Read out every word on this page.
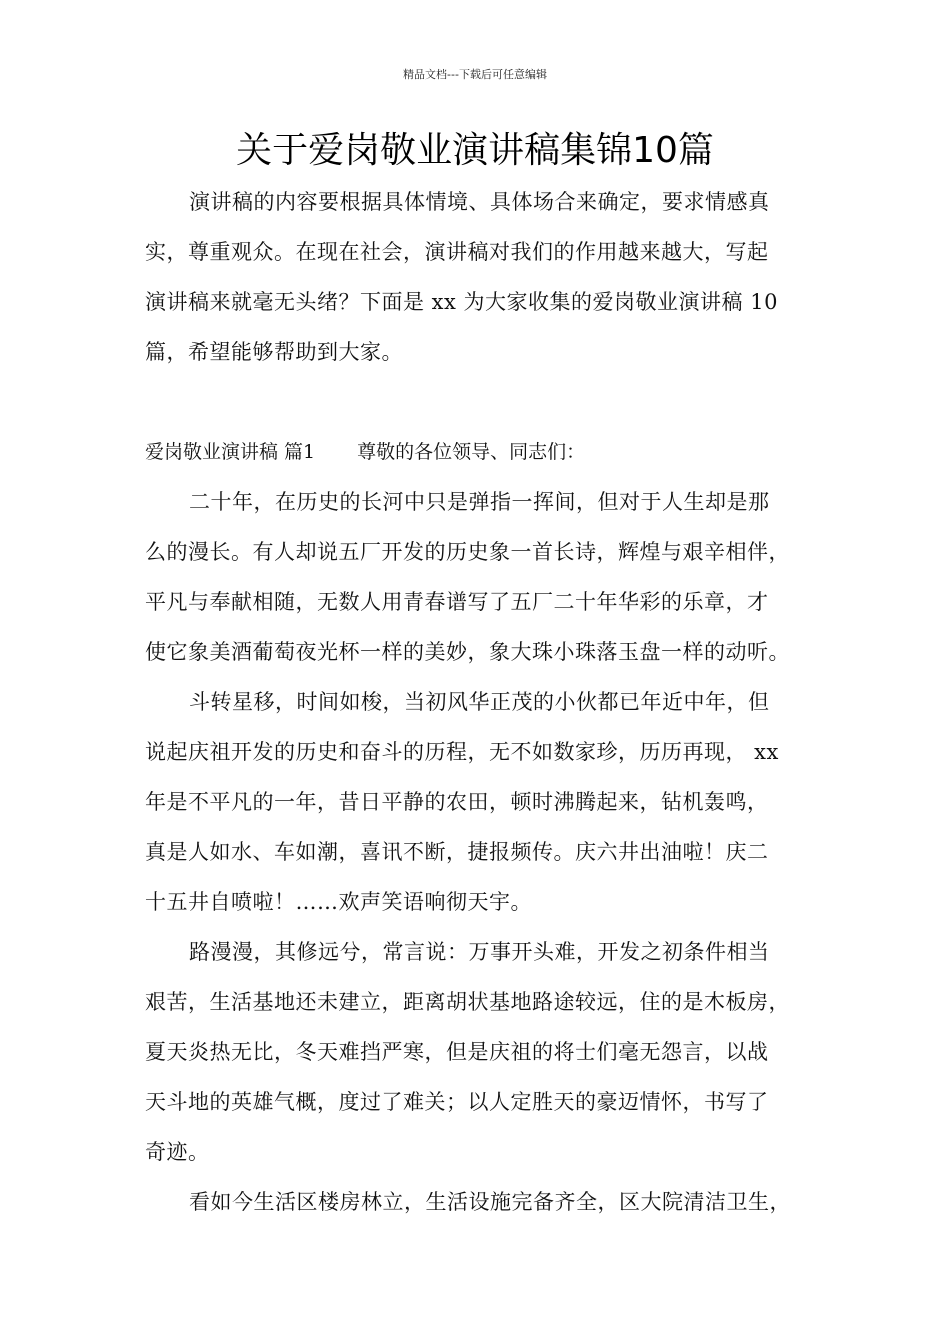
精品文档---下载后可任意编辑
关于爱岗敬业演讲稿集锦10篇
演讲稿的内容要根据具体情境、具体场合来确定，要求情感真
实，尊重观众。在现在社会，演讲稿对我们的作用越来越大，写起
演讲稿来就毫无头绪？下面是 xx 为大家收集的爱岗敬业演讲稿 10
篇，希望能够帮助到大家。
爱岗敬业演讲稿 篇1 尊敬的各位领导、同志们：
二十年，在历史的长河中只是弹指一挥间，但对于人生却是那
么的漫长。有人却说五厂开发的历史象一首长诗，辉煌与艰辛相伴，
平凡与奉献相随，无数人用青春谱写了五厂二十年华彩的乐章，才
使它象美酒葡萄夜光杯一样的美妙，象大珠小珠落玉盘一样的动听。
斗转星移，时间如梭，当初风华正茂的小伙都已年近中年，但
说起庆祖开发的历史和奋斗的历程，无不如数家珍，历历再现， xx
年是不平凡的一年，昔日平静的农田，顿时沸腾起来，钻机轰鸣，
真是人如水、车如潮，喜讯不断，捷报频传。庆六井出油啦！庆二
十五井自喷啦！……欢声笑语响彻天宇。
路漫漫，其修远兮，常言说：万事开头难，开发之初条件相当
艰苦，生活基地还未建立，距离胡状基地路途较远，住的是木板房，
夏天炎热无比，冬天难挡严寒，但是庆祖的将士们毫无怨言，以战
天斗地的英雄气概，度过了难关；以人定胜天的豪迈情怀，书写了
奇迹。
看如今生活区楼房林立，生活设施完备齐全，区大院清洁卫生，
